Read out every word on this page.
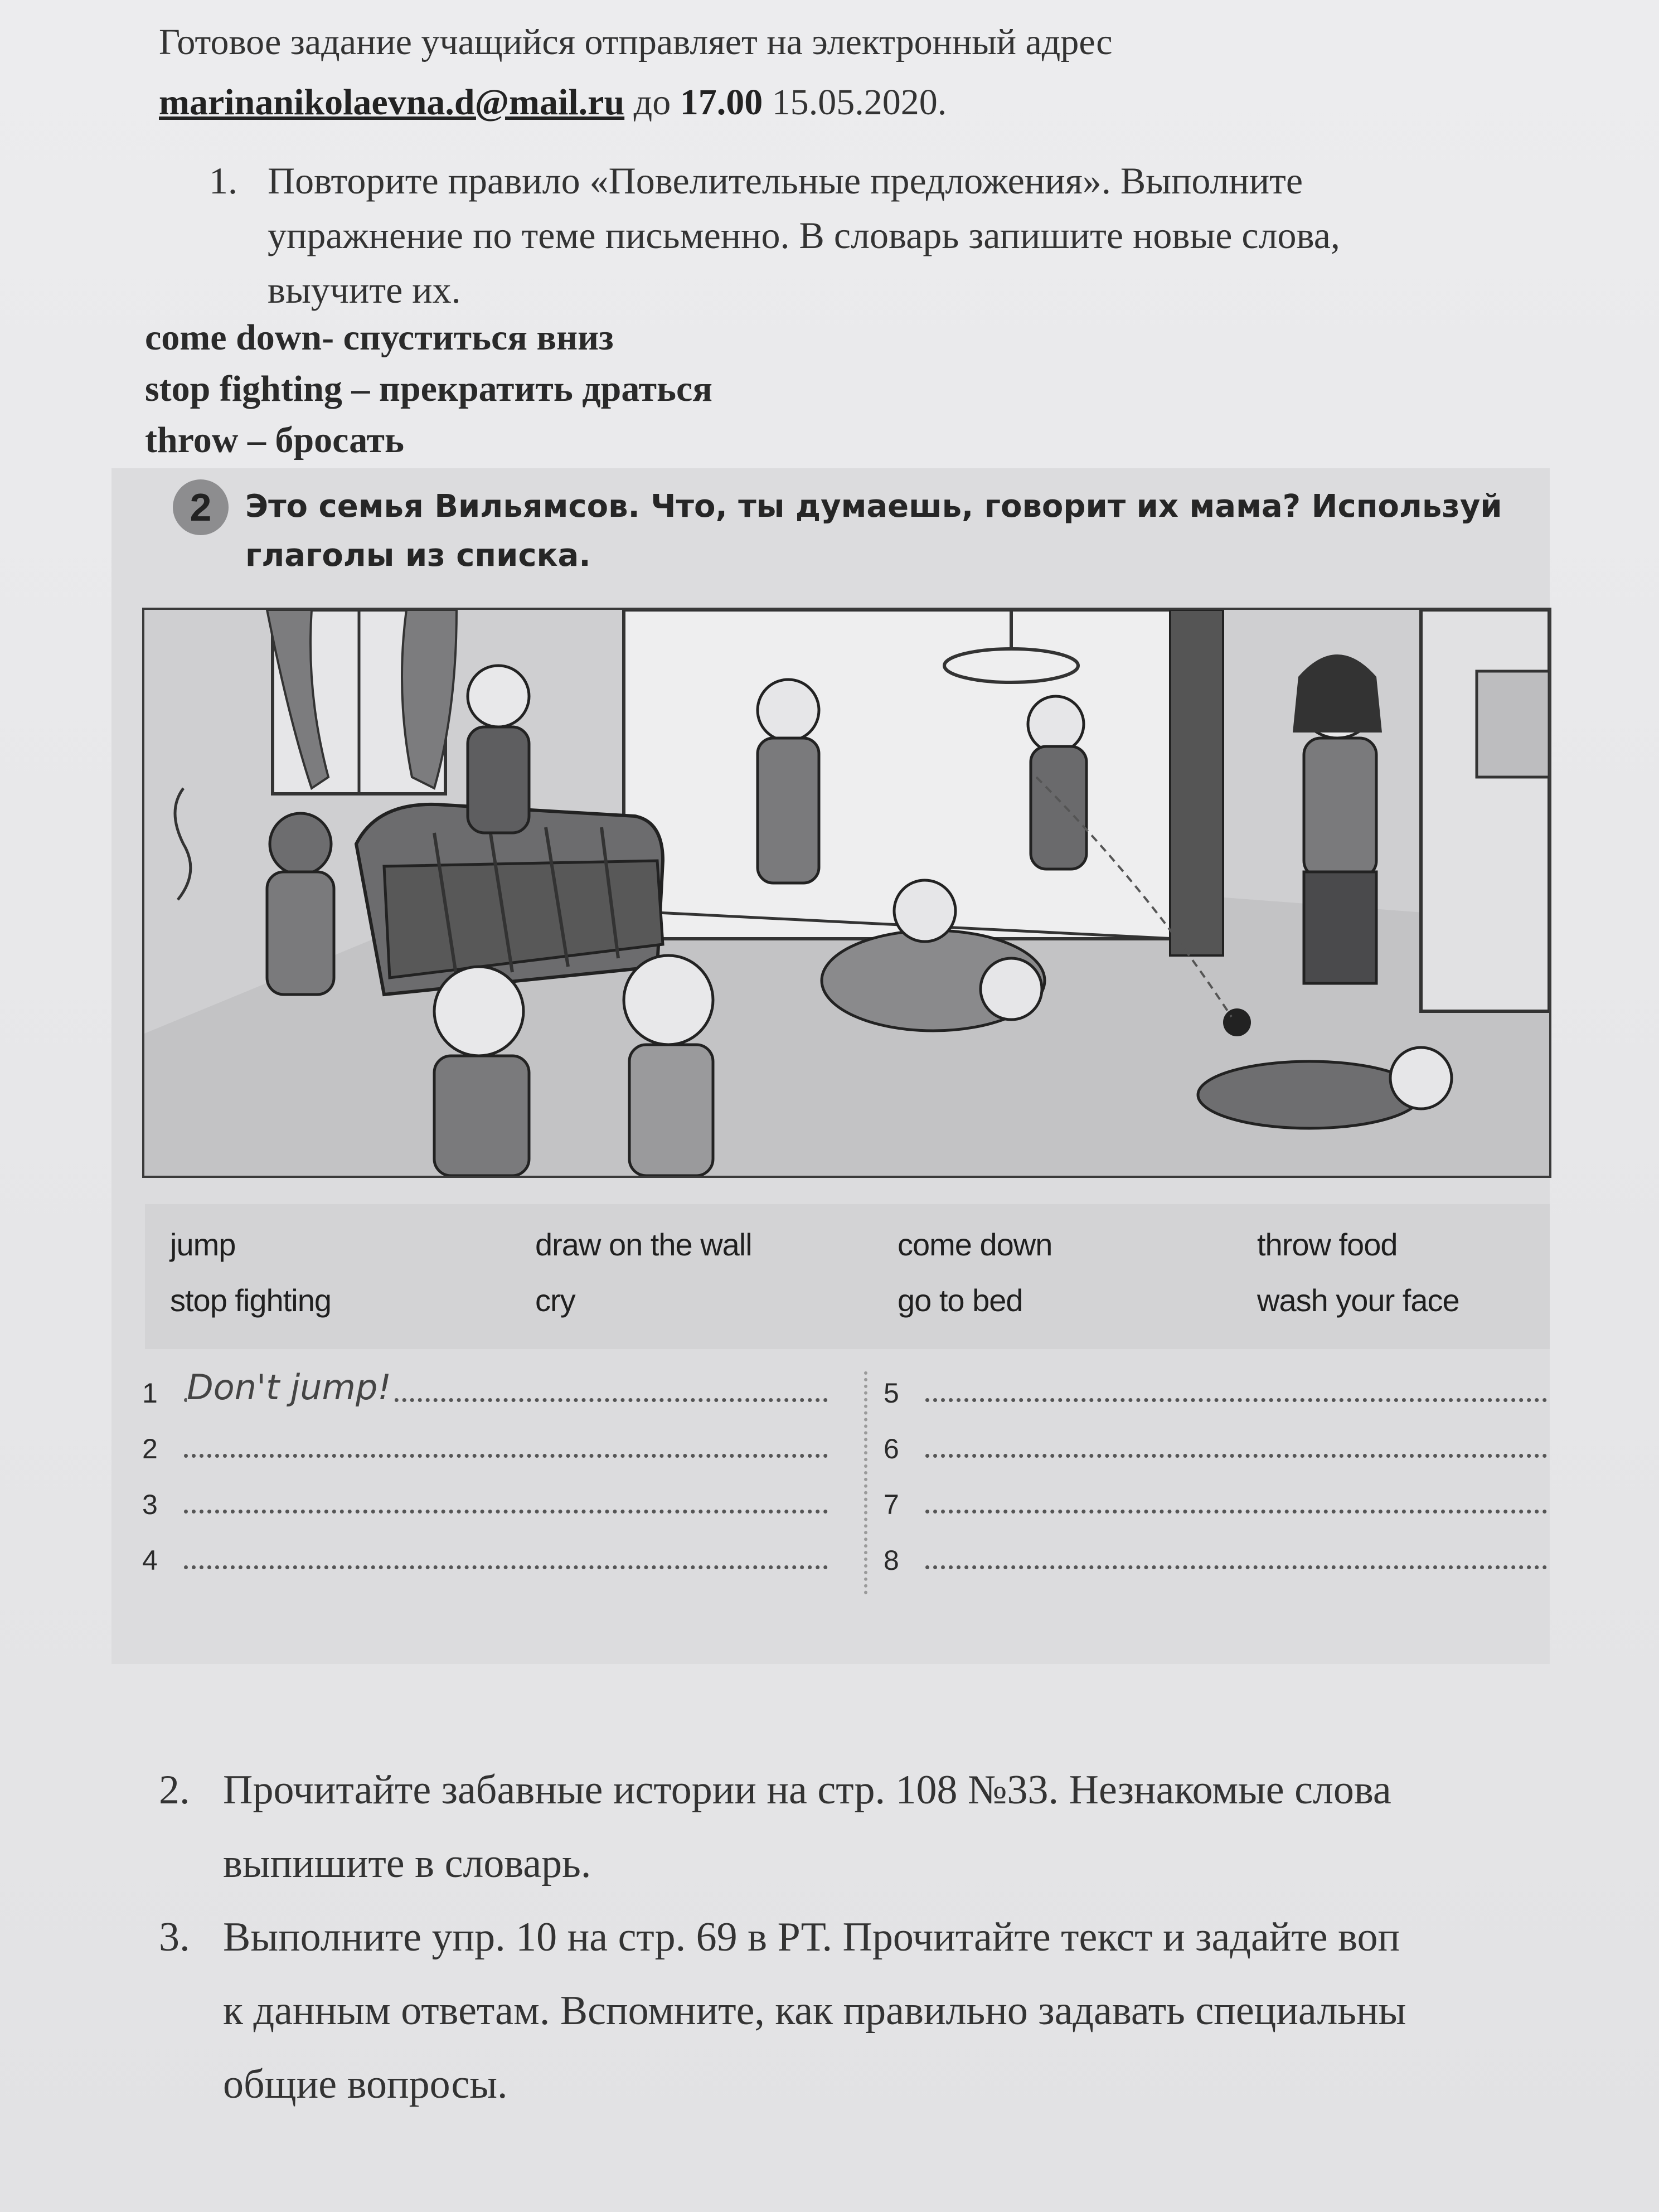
Готовое задание учащийся отправляет на электронный адрес
marinanikolaevna.d@mail.ru до 17.00 15.05.2020.
1. Повторите правило «Повелительные предложения». Выполните
упражнение по теме письменно. В словарь запишите новые слова,
выучите их.
come down- спуститься вниз
stop fighting – прекратить драться
throw – бросать
2	Это семья Вильямсов. Что, ты думаешь, говорит их мама? Используй
глаголы из списка.
jump	draw on the wall	come down	throw food
stop fighting	cry	go to bed	wash your face
1 Don't jump!
2
3
4
5
6
7
8
2. Прочитайте забавные истории на стр. 108 №33. Незнакомые слова
выпишите в словарь.
3. Выполните упр. 10 на стр. 69 в РТ. Прочитайте текст и задайте воп
к данным ответам. Вспомните, как правильно задавать специальны
общие вопросы.
